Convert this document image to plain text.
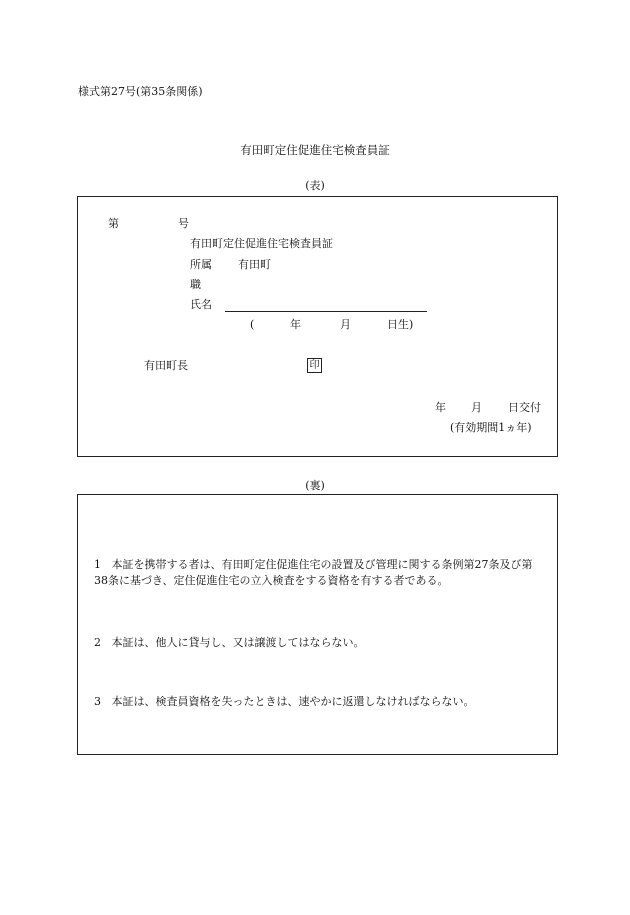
様式第27号(第35条関係)
有田町定住促進住宅検査員証
(表)
第	号
有田町定住促進住宅検査員証
所属 有田町
職
氏名
(	年	月	日生)
有田町長	印
年 月 日交付
(有効期間1ヵ年)
(裏)
1 本証を携帯する者は、有田町定住促進住宅の設置及び管理に関する条例第27条及び第38条に基づき、定住促進住宅の立入検査をする資格を有する者である。
2 本証は、他人に貸与し、又は譲渡してはならない。
3 本証は、検査員資格を失ったときは、速やかに返還しなければならない。
